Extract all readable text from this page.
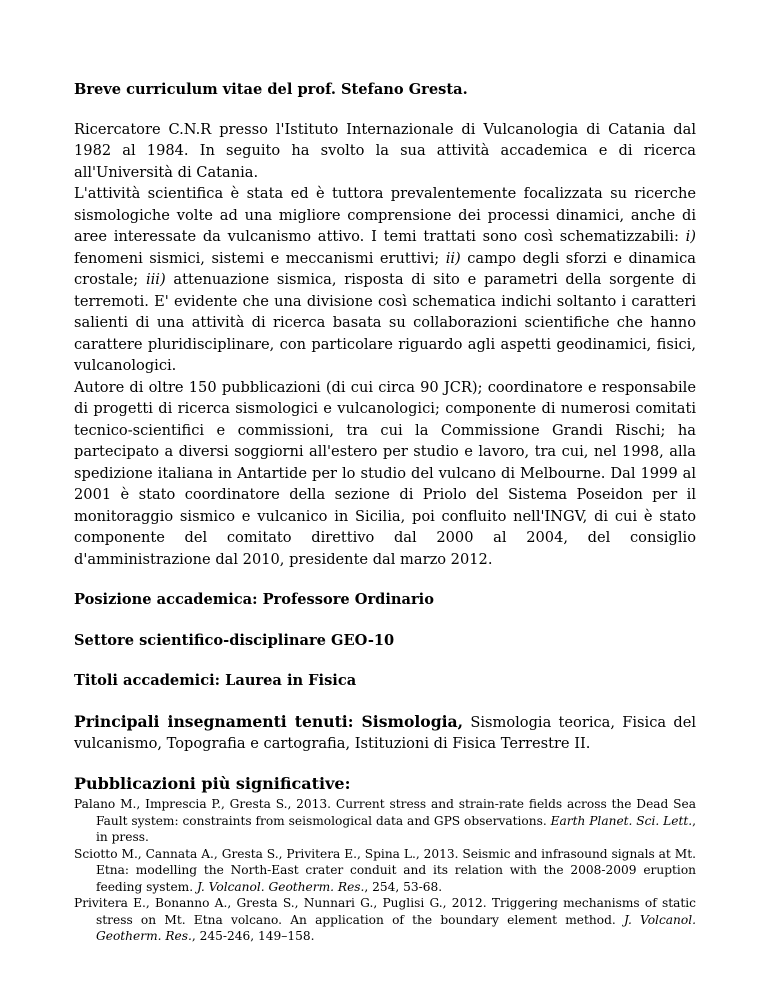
Breve curriculum vitae del prof. Stefano Gresta.

Ricercatore C.N.R presso l'Istituto Internazionale di Vulcanologia di Catania dal 1982 al 1984. In seguito ha svolto la sua attività accademica e di ricerca all'Università di Catania.

L'attività scientifica è stata ed è tuttora prevalentemente focalizzata su ricerche sismologiche volte ad una migliore comprensione dei processi dinamici, anche di aree interessate da vulcanismo attivo. I temi trattati sono così schematizzabili: i) fenomeni sismici, sistemi e meccanismi eruttivi; ii) campo degli sforzi e dinamica crostale; iii) attenuazione sismica, risposta di sito e parametri della sorgente di terremoti. E' evidente che una divisione così schematica indichi soltanto i caratteri salienti di una attività di ricerca basata su collaborazioni scientifiche che hanno carattere pluridisciplinare, con particolare riguardo agli aspetti geodinamici, fisici, vulcanologici.

Autore di oltre 150 pubblicazioni (di cui circa 90 JCR); coordinatore e responsabile di progetti di ricerca sismologici e vulcanologici; componente di numerosi comitati tecnico-scientifici e commissioni, tra cui la Commissione Grandi Rischi; ha partecipato a diversi soggiorni all'estero per studio e lavoro, tra cui, nel 1998, alla spedizione italiana in Antartide per lo studio del vulcano di Melbourne. Dal 1999 al 2001 è stato coordinatore della sezione di Priolo del Sistema Poseidon per il monitoraggio sismico e vulcanico in Sicilia, poi confluito nell'INGV, di cui è stato componente del comitato direttivo dal 2000 al 2004, del consiglio d'amministrazione dal 2010, presidente dal marzo 2012.

Posizione accademica: Professore Ordinario

Settore scientifico-disciplinare GEO-10

Titoli accademici: Laurea in Fisica

Principali insegnamenti tenuti: Sismologia, Sismologia teorica, Fisica del vulcanismo, Topografia e cartografia, Istituzioni di Fisica Terrestre II.

Pubblicazioni più significative:

Palano M., Imprescia P., Gresta S., 2013. Current stress and strain-rate fields across the Dead Sea Fault system: constraints from seismological data and GPS observations. Earth Planet. Sci. Lett., in press.

Sciotto M., Cannata A., Gresta S., Privitera E., Spina L., 2013. Seismic and infrasound signals at Mt. Etna: modelling the North-East crater conduit and its relation with the 2008-2009 eruption feeding system. J. Volcanol. Geotherm. Res., 254, 53-68.

Privitera E., Bonanno A., Gresta S., Nunnari G., Puglisi G., 2012. Triggering mechanisms of static stress on Mt. Etna volcano. An application of the boundary element method. J. Volcanol. Geotherm. Res., 245-246, 149–158.
